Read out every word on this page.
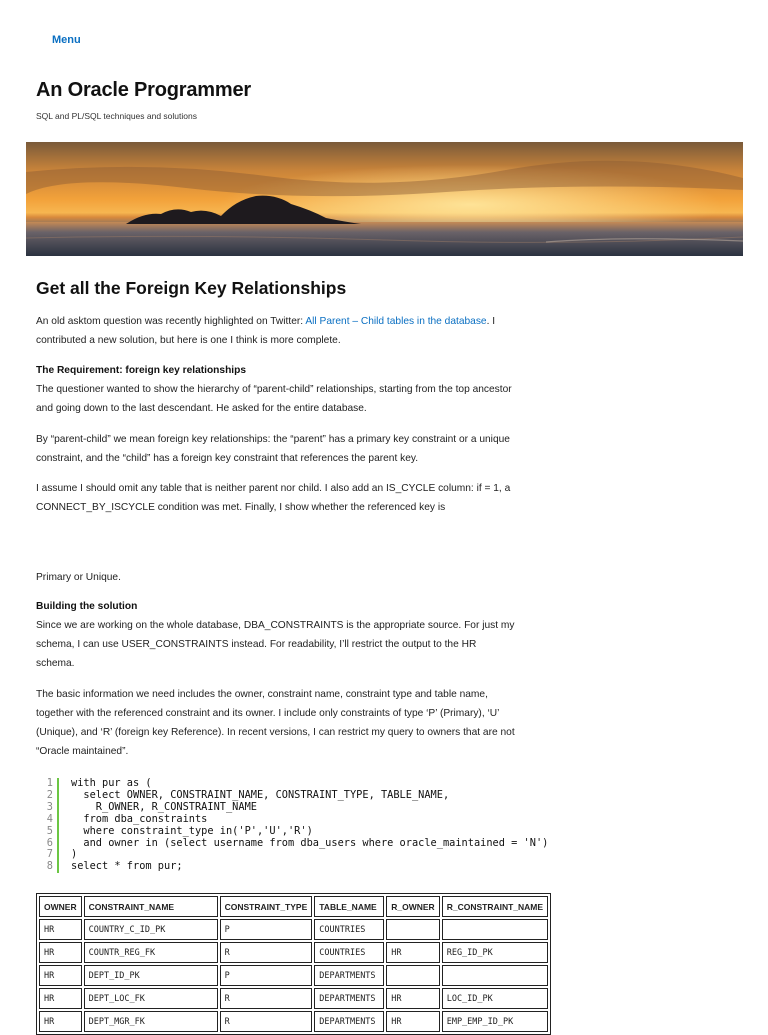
Menu
An Oracle Programmer

SQL and PL/SQL techniques and solutions

Get all the Foreign Key Relationships

An old asktom question was recently highlighted on Twitter: All Parent – Child tables in the database. I contributed a new solution, but here is one I think is more complete.

The Requirement: foreign key relationships

The questioner wanted to show the hierarchy of “parent-child” relationships, starting from the top ancestor and going down to the last descendant. He asked for the entire database.

By “parent-child” we mean foreign key relationships: the “parent” has a primary key constraint or a unique constraint, and the “child” has a foreign key constraint that references the parent key.

I assume I should omit any table that is neither parent nor child. I also add an IS_CYCLE column: if = 1, a CONNECT_BY_ISCYCLE condition was met. Finally, I show whether the referenced key is

Primary or Unique.

Building the solution

Since we are working on the whole database, DBA_CONSTRAINTS is the appropriate source. For just my schema, I can use USER_CONSTRAINTS instead. For readability, I’ll restrict the output to the HR schema.

The basic information we need includes the owner, constraint name, constraint type and table name, together with the referenced constraint and its owner. I include only constraints of type ‘P’ (Primary), ‘U’ (Unique), and ‘R’ (foreign key Reference). In recent versions, I can restrict my query to owners that are not “Oracle maintained”.

1	with pur as (
2	select OWNER, CONSTRAINT_NAME, CONSTRAINT_TYPE, TABLE_NAME,
3	R_OWNER, R_CONSTRAINT_NAME
4	from dba_constraints
5	where constraint_type in('P','U','R')
6	and owner in (select username from dba_users where oracle_maintained = 'N')
7	)
8	select * from pur;
OWNER	CONSTRAINT_NAME	CONSTRAINT_TYPE	TABLE_NAME	R_OWNER	R_CONSTRAINT_NAME
HR	COUNTRY_C_ID_PK	P	COUNTRIES		
HR	COUNTR_REG_FK	R	COUNTRIES	HR	REG_ID_PK
HR	DEPT_ID_PK	P	DEPARTMENTS		
HR	DEPT_LOC_FK	R	DEPARTMENTS	HR	LOC_ID_PK
HR	DEPT_MGR_FK	R	DEPARTMENTS	HR	EMP_EMP_ID_PK
